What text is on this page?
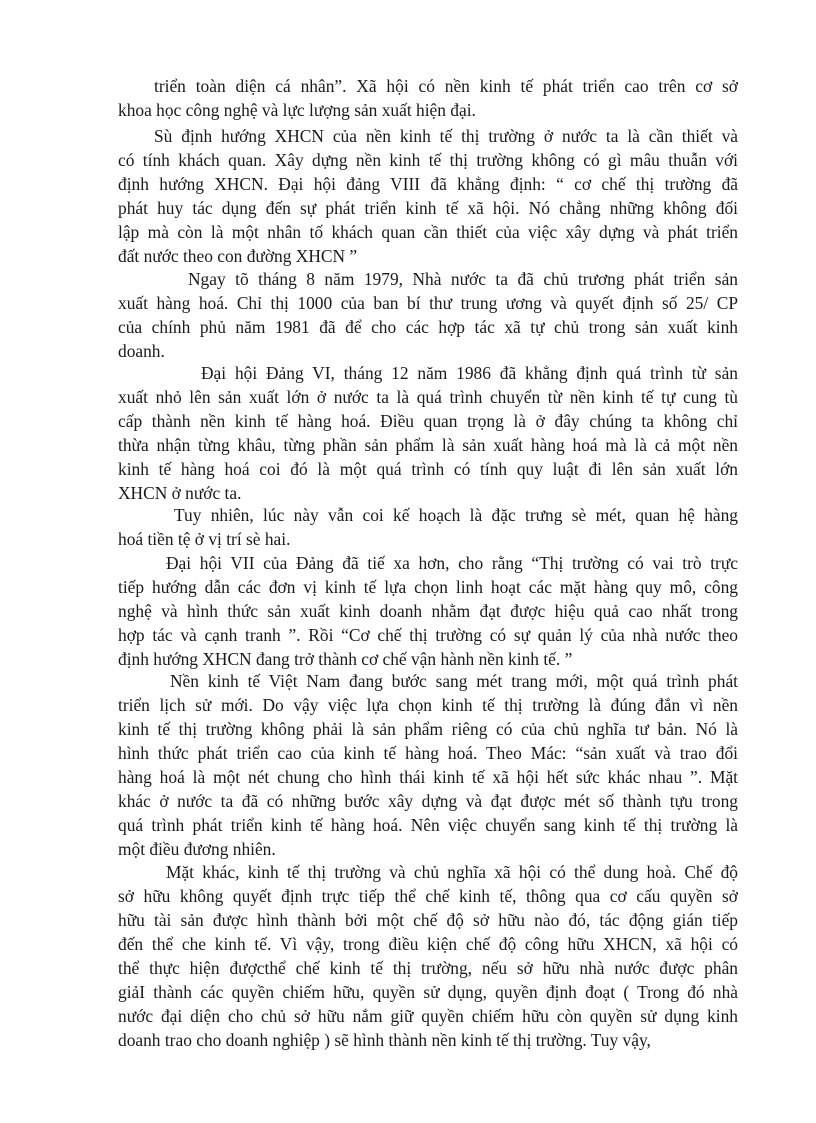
triển toàn diện cá nhân”. Xã hội có nền kinh tế phát triển cao trên cơ sở
khoa học công nghệ và lực lượng sản xuất hiện đại.
Sù định hướng XHCN của nền kinh tế thị trường ở nước ta là cần thiết và
có tính khách quan. Xây dựng nền kinh tế thị trường không có gì mâu thuẫn với
định hướng XHCN. Đại hội đảng VIII đã khẳng định: “ cơ chế thị trường đã
phát huy tác dụng đến sự phát triển kinh tế xã hội. Nó chẳng những không đối
lập mà còn là một nhân tố khách quan cần thiết của việc xây dựng và phát triển
đất nước theo con đường XHCN ”
Ngay tõ tháng 8 năm 1979, Nhà nước ta đã chủ trương phát triển sản
xuất hàng hoá. Chỉ thị 1000 của ban bí thư trung ương và quyết định số 25/ CP
của chính phủ năm 1981 đã để cho các hợp tác xã tự chủ trong sản xuất kinh
doanh.
Đại hội Đảng VI, tháng 12 năm 1986 đã khẳng định quá trình từ sản
xuất nhỏ lên sản xuất lớn ở nước ta là quá trình chuyển từ nền kinh tế tự cung tù
cấp thành nền kinh tế hàng hoá. Điều quan trọng là ở đây chúng ta không chỉ
thừa nhận từng khâu, từng phần sản phẩm là sản xuất hàng hoá mà là cả một nền
kinh tế hàng hoá coi đó là một quá trình có tính quy luật đi lên sản xuất lớn
XHCN ở nước ta.
Tuy nhiên, lúc này vẫn coi kế hoạch là đặc trưng sè mét, quan hệ hàng
hoá tiền tệ ở vị trí sè hai.
Đại hội VII của Đảng đã tiế xa hơn, cho rằng “Thị trường có vai trò trực
tiếp hướng dẫn các đơn vị kinh tế lựa chọn linh hoạt các mặt hàng quy mô, công
nghệ và hình thức sản xuất kinh doanh nhằm đạt được hiệu quả cao nhất trong
hợp tác và cạnh tranh ”. Rồi “Cơ chế thị trường có sự quản lý của nhà nước theo
định hướng XHCN đang trở thành cơ chế vận hành nền kinh tế. ”
Nền kinh tế Việt Nam đang bước sang mét trang mới, một quá trình phát
triển lịch sử mới. Do vậy việc lựa chọn kinh tế thị trường là đúng đắn vì nền
kinh tế thị trường không phải là sản phẩm riêng có của chủ nghĩa tư bản. Nó là
hình thức phát triển cao của kinh tế hàng hoá. Theo Mác: “sản xuất và trao đổi
hàng hoá là một nét chung cho hình thái kinh tế xã hội hết sức khác nhau ”. Mặt
khác ở nước ta đã có những bước xây dựng và đạt được mét số thành tựu trong
quá trình phát triển kinh tế hàng hoá. Nên việc chuyển sang kinh tế thị trường là
một điều đương nhiên.
Mặt khác, kinh tế thị trường và chủ nghĩa xã hội có thể dung hoà. Chế độ
sở hữu không quyết định trực tiếp thể chế kinh tế, thông qua cơ cấu quyền sở
hữu tài sản được hình thành bởi một chế độ sở hữu nào đó, tác động gián tiếp
đến thể che kinh tế. Vì vậy, trong điều kiện chế độ công hữu XHCN, xã hội có
thể thực hiện đượcthể chế kinh tế thị trường, nếu sở hữu nhà nước được phân
giảI thành các quyền chiếm hữu, quyền sử dụng, quyền định đoạt ( Trong đó nhà
nước đại diện cho chủ sở hữu nắm giữ quyền chiếm hữu còn quyền sử dụng kinh
doanh trao cho doanh nghiệp ) sẽ hình thành nền kinh tế thị trường. Tuy vậy,
